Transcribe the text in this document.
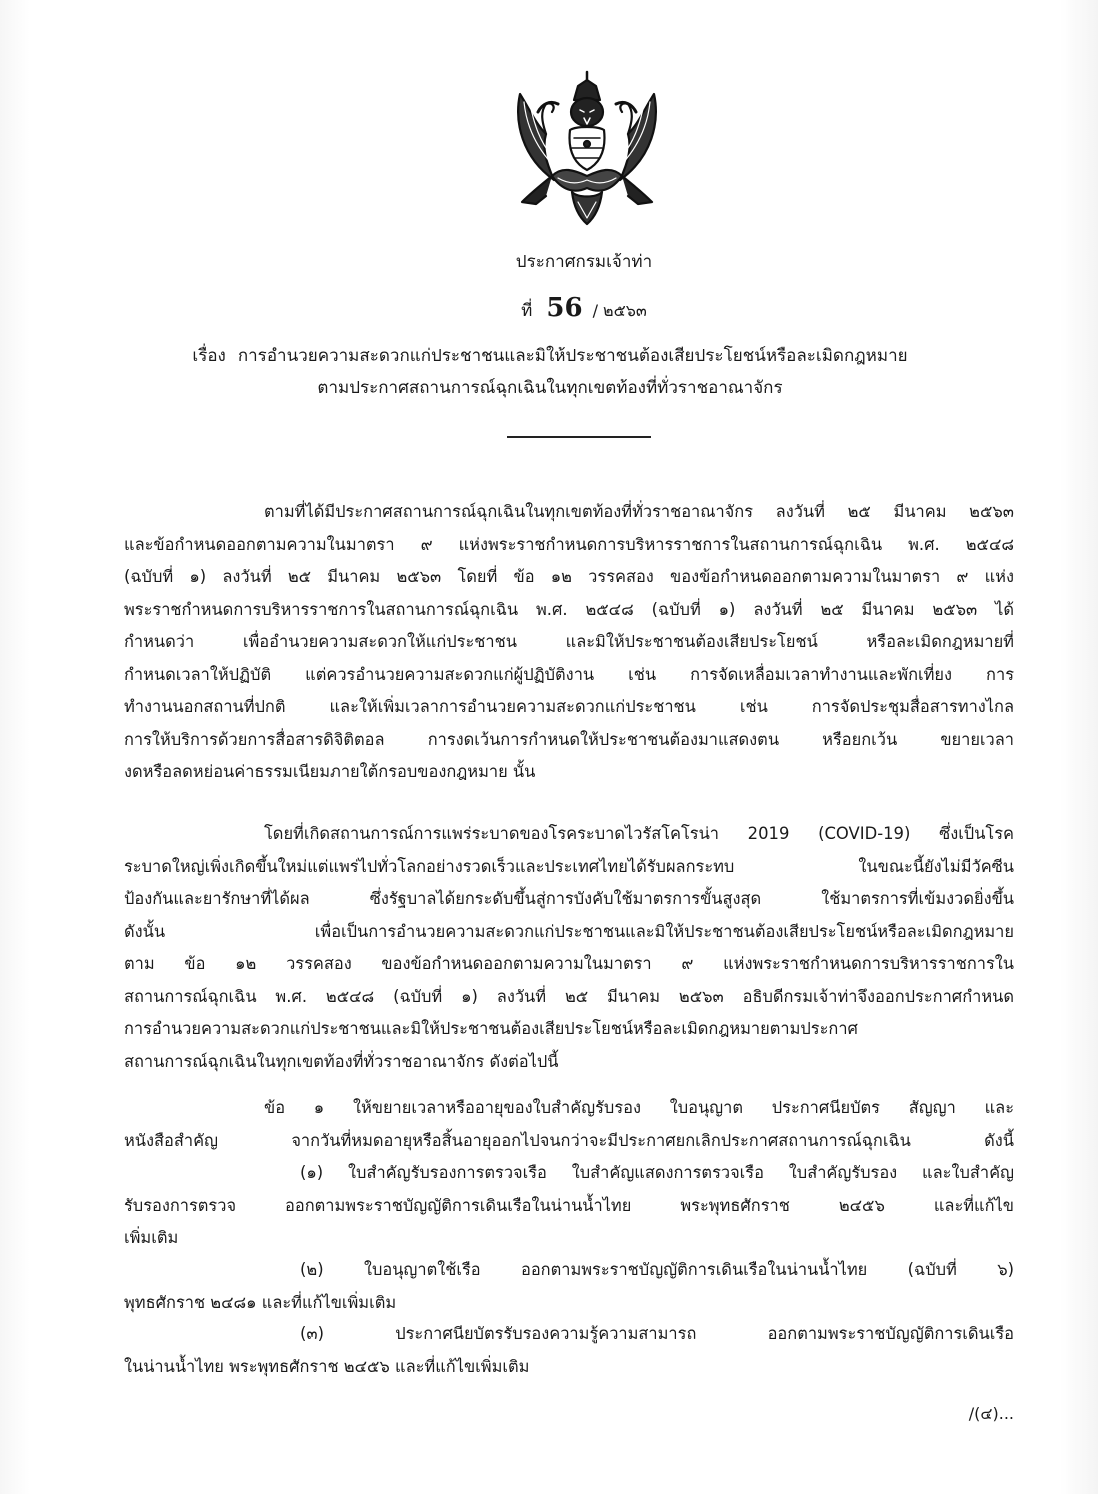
ประกาศกรมเจ้าท่า
ที่ 56 / ๒๕๖๓
เรื่อง การอำนวยความสะดวกแก่ประชาชนและมิให้ประชาชนต้องเสียประโยชน์หรือละเมิดกฎหมาย
ตามประกาศสถานการณ์ฉุกเฉินในทุกเขตท้องที่ทั่วราชอาณาจักร
ตามที่ได้มีประกาศสถานการณ์ฉุกเฉินในทุกเขตท้องที่ทั่วราชอาณาจักร ลงวันที่ ๒๕ มีนาคม ๒๕๖๓
และข้อกำหนดออกตามความในมาตรา ๙ แห่งพระราชกำหนดการบริหารราชการในสถานการณ์ฉุกเฉิน พ.ศ. ๒๕๔๘
(ฉบับที่ ๑) ลงวันที่ ๒๕ มีนาคม ๒๕๖๓ โดยที่ ข้อ ๑๒ วรรคสอง ของข้อกำหนดออกตามความในมาตรา ๙ แห่ง
พระราชกำหนดการบริหารราชการในสถานการณ์ฉุกเฉิน พ.ศ. ๒๕๔๘ (ฉบับที่ ๑) ลงวันที่ ๒๕ มีนาคม ๒๕๖๓ ได้
กำหนดว่า เพื่ออำนวยความสะดวกให้แก่ประชาชน และมิให้ประชาชนต้องเสียประโยชน์ หรือละเมิดกฎหมายที่
กำหนดเวลาให้ปฏิบัติ แต่ควรอำนวยความสะดวกแก่ผู้ปฏิบัติงาน เช่น การจัดเหลื่อมเวลาทำงานและพักเที่ยง การ
ทำงานนอกสถานที่ปกติ และให้เพิ่มเวลาการอำนวยความสะดวกแก่ประชาชน เช่น การจัดประชุมสื่อสารทางไกล
การให้บริการด้วยการสื่อสารดิจิติตอล การงดเว้นการกำหนดให้ประชาชนต้องมาแสดงตน หรือยกเว้น ขยายเวลา
งดหรือลดหย่อนค่าธรรมเนียมภายใต้กรอบของกฎหมาย นั้น
โดยที่เกิดสถานการณ์การแพร่ระบาดของโรคระบาดไวรัสโคโรน่า 2019 (COVID-19) ซึ่งเป็นโรค
ระบาดใหญ่เพิ่งเกิดขึ้นใหม่แต่แพร่ไปทั่วโลกอย่างรวดเร็วและประเทศไทยได้รับผลกระทบ ในขณะนี้ยังไม่มีวัคซีน
ป้องกันและยารักษาที่ได้ผล ซึ่งรัฐบาลได้ยกระดับขึ้นสู่การบังคับใช้มาตรการขั้นสูงสุด ใช้มาตรการที่เข้มงวดยิ่งขึ้น
ดังนั้น เพื่อเป็นการอำนวยความสะดวกแก่ประชาชนและมิให้ประชาชนต้องเสียประโยชน์หรือละเมิดกฎหมาย
ตาม ข้อ ๑๒ วรรคสอง ของข้อกำหนดออกตามความในมาตรา ๙ แห่งพระราชกำหนดการบริหารราชการใน
สถานการณ์ฉุกเฉิน พ.ศ. ๒๕๔๘ (ฉบับที่ ๑) ลงวันที่ ๒๕ มีนาคม ๒๕๖๓ อธิบดีกรมเจ้าท่าจึงออกประกาศกำหนด
การอำนวยความสะดวกแก่ประชาชนและมิให้ประชาชนต้องเสียประโยชน์หรือละเมิดกฎหมายตามประกาศ
สถานการณ์ฉุกเฉินในทุกเขตท้องที่ทั่วราชอาณาจักร ดังต่อไปนี้
ข้อ ๑ ให้ขยายเวลาหรืออายุของใบสำคัญรับรอง ใบอนุญาต ประกาศนียบัตร สัญญา และ
หนังสือสำคัญ จากวันที่หมดอายุหรือสิ้นอายุออกไปจนกว่าจะมีประกาศยกเลิกประกาศสถานการณ์ฉุกเฉิน ดังนี้
(๑) ใบสำคัญรับรองการตรวจเรือ ใบสำคัญแสดงการตรวจเรือ ใบสำคัญรับรอง และใบสำคัญ
รับรองการตรวจ ออกตามพระราชบัญญัติการเดินเรือในน่านน้ำไทย พระพุทธศักราช ๒๔๕๖ และที่แก้ไข
เพิ่มเติม
(๒) ใบอนุญาตใช้เรือ ออกตามพระราชบัญญัติการเดินเรือในน่านน้ำไทย (ฉบับที่ ๖)
พุทธศักราช ๒๔๘๑ และที่แก้ไขเพิ่มเติม
(๓) ประกาศนียบัตรรับรองความรู้ความสามารถ ออกตามพระราชบัญญัติการเดินเรือ
ในน่านน้ำไทย พระพุทธศักราช ๒๔๕๖ และที่แก้ไขเพิ่มเติม
/(๔)...
